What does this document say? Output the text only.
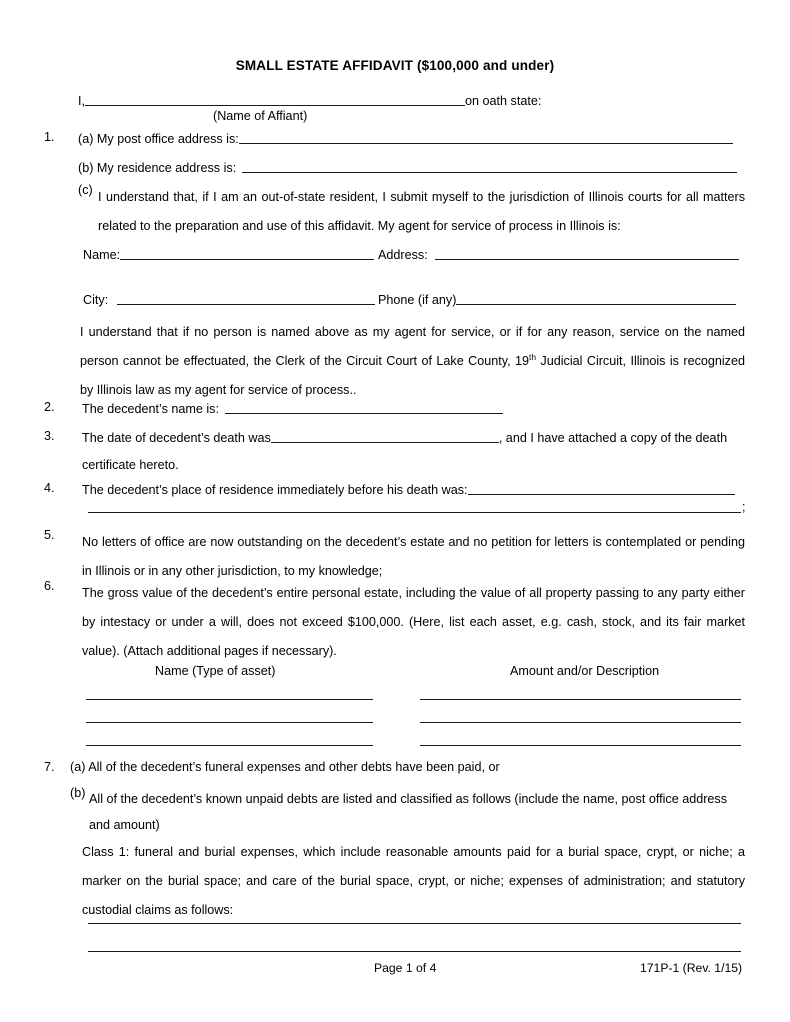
SMALL ESTATE AFFIDAVIT ($100,000 and under)
I,	on oath state:
(Name of Affiant)
1. (a) My post office address is:
(b) My residence address is:
(c) I understand that, if I am an out-of-state resident, I submit myself to the jurisdiction of Illinois courts for all matters related to the preparation and use of this affidavit. My agent for service of process in Illinois is:
Name:	Address:
City:	Phone (if any)
I understand that if no person is named above as my agent for service, or if for any reason, service on the named person cannot be effectuated, the Clerk of the Circuit Court of Lake County, 19th Judicial Circuit, Illinois is recognized by Illinois law as my agent for service of process..
2. The decedent’s name is:
3. The date of decedent’s death was	, and I have attached a copy of the death
certificate hereto.
4. The decedent’s place of residence immediately before his death was:
;
5. No letters of office are now outstanding on the decedent’s estate and no petition for letters is contemplated or pending in Illinois or in any other jurisdiction, to my knowledge;
6. The gross value of the decedent’s entire personal estate, including the value of all property passing to any party either by intestacy or under a will, does not exceed $100,000. (Here, list each asset, e.g. cash, stock, and its fair market value). (Attach additional pages if necessary).
Name (Type of asset)	Amount and/or Description
7. (a) All of the decedent’s funeral expenses and other debts have been paid, or
(b) All of the decedent’s known unpaid debts are listed and classified as follows (include the name, post office address and amount)
Class 1: funeral and burial expenses, which include reasonable amounts paid for a burial space, crypt, or niche; a marker on the burial space; and care of the burial space, crypt, or niche; expenses of administration; and statutory custodial claims as follows:
Page 1 of 4	171P-1 (Rev. 1/15)
